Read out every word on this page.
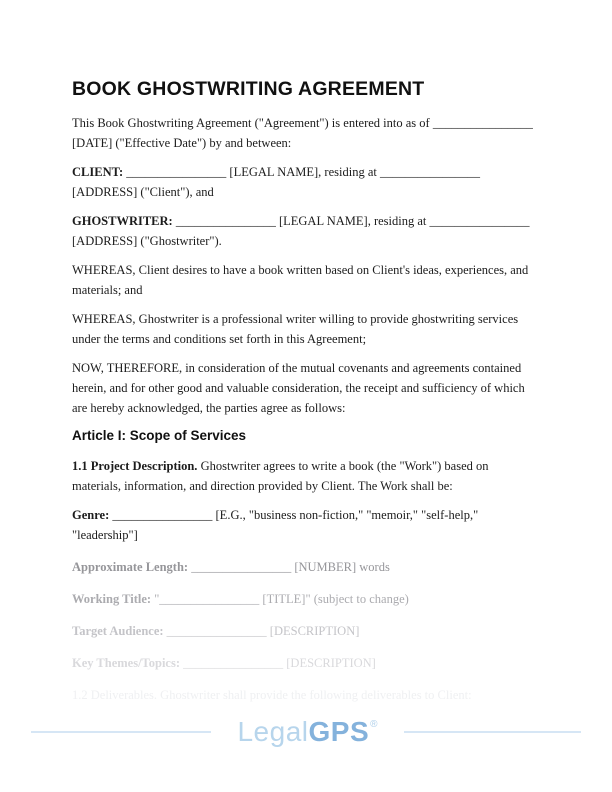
BOOK GHOSTWRITING AGREEMENT

This Book Ghostwriting Agreement ("Agreement") is entered into as of ________________ [DATE] ("Effective Date") by and between:

CLIENT: ________________ [LEGAL NAME], residing at ________________ [ADDRESS] ("Client"), and

GHOSTWRITER: ________________ [LEGAL NAME], residing at ________________ [ADDRESS] ("Ghostwriter").

WHEREAS, Client desires to have a book written based on Client's ideas, experiences, and materials; and

WHEREAS, Ghostwriter is a professional writer willing to provide ghostwriting services under the terms and conditions set forth in this Agreement;

NOW, THEREFORE, in consideration of the mutual covenants and agreements contained herein, and for other good and valuable consideration, the receipt and sufficiency of which are hereby acknowledged, the parties agree as follows:

Article I: Scope of Services

1.1 Project Description. Ghostwriter agrees to write a book (the "Work") based on materials, information, and direction provided by Client. The Work shall be:

Genre: ________________ [E.G., "business non-fiction," "memoir," "self-help," "leadership"]

Approximate Length: ________________ [NUMBER] words

Working Title: "________________ [TITLE]" (subject to change)

Target Audience: ________________ [DESCRIPTION]

Key Themes/Topics: ________________ [DESCRIPTION]

1.2 Deliverables. Ghostwriter shall provide the following deliverables to Client:

LegalGPS®
